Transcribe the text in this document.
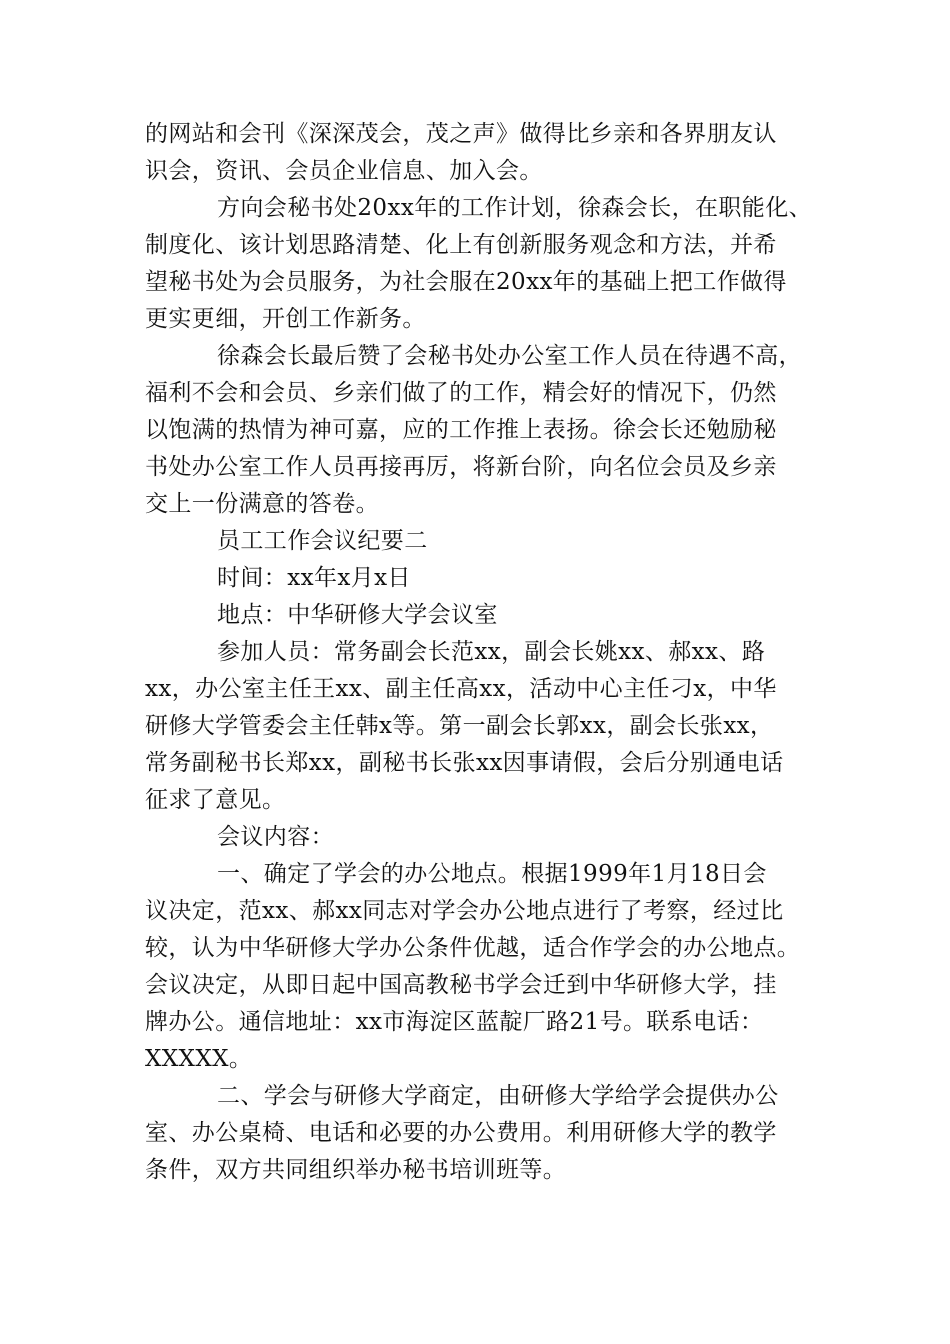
的网站和会刊《深深茂会，茂之声》做得比乡亲和各界朋友认
识会，资讯、会员企业信息、加入会。

方向会秘书处20xx年的工作计划，徐森会长，在职能化、
制度化、该计划思路清楚、化上有创新服务观念和方法，并希
望秘书处为会员服务，为社会服在20xx年的基础上把工作做得
更实更细，开创工作新务。

徐森会长最后赞了会秘书处办公室工作人员在待遇不高，
福利不会和会员、乡亲们做了的工作，精会好的情况下，仍然
以饱满的热情为神可嘉，应的工作推上表扬。徐会长还勉励秘
书处办公室工作人员再接再厉，将新台阶，向名位会员及乡亲
交上一份满意的答卷。

员工工作会议纪要二

时间：xx年x月x日

地点：中华研修大学会议室

参加人员：常务副会长范xx，副会长姚xx、郝xx、路
xx，办公室主任王xx、副主任高xx，活动中心主任刁x，中华
研修大学管委会主任韩x等。第一副会长郭xx，副会长张xx，
常务副秘书长郑xx，副秘书长张xx因事请假，会后分别通电话
征求了意见。

会议内容：

一、确定了学会的办公地点。根据1999年1月18日会
议决定，范xx、郝xx同志对学会办公地点进行了考察，经过比
较，认为中华研修大学办公条件优越，适合作学会的办公地点。
会议决定，从即日起中国高教秘书学会迁到中华研修大学，挂
牌办公。通信地址：xx市海淀区蓝靛厂路21号。联系电话：
XXXXX。

二、学会与研修大学商定，由研修大学给学会提供办公
室、办公桌椅、电话和必要的办公费用。利用研修大学的教学
条件，双方共同组织举办秘书培训班等。
